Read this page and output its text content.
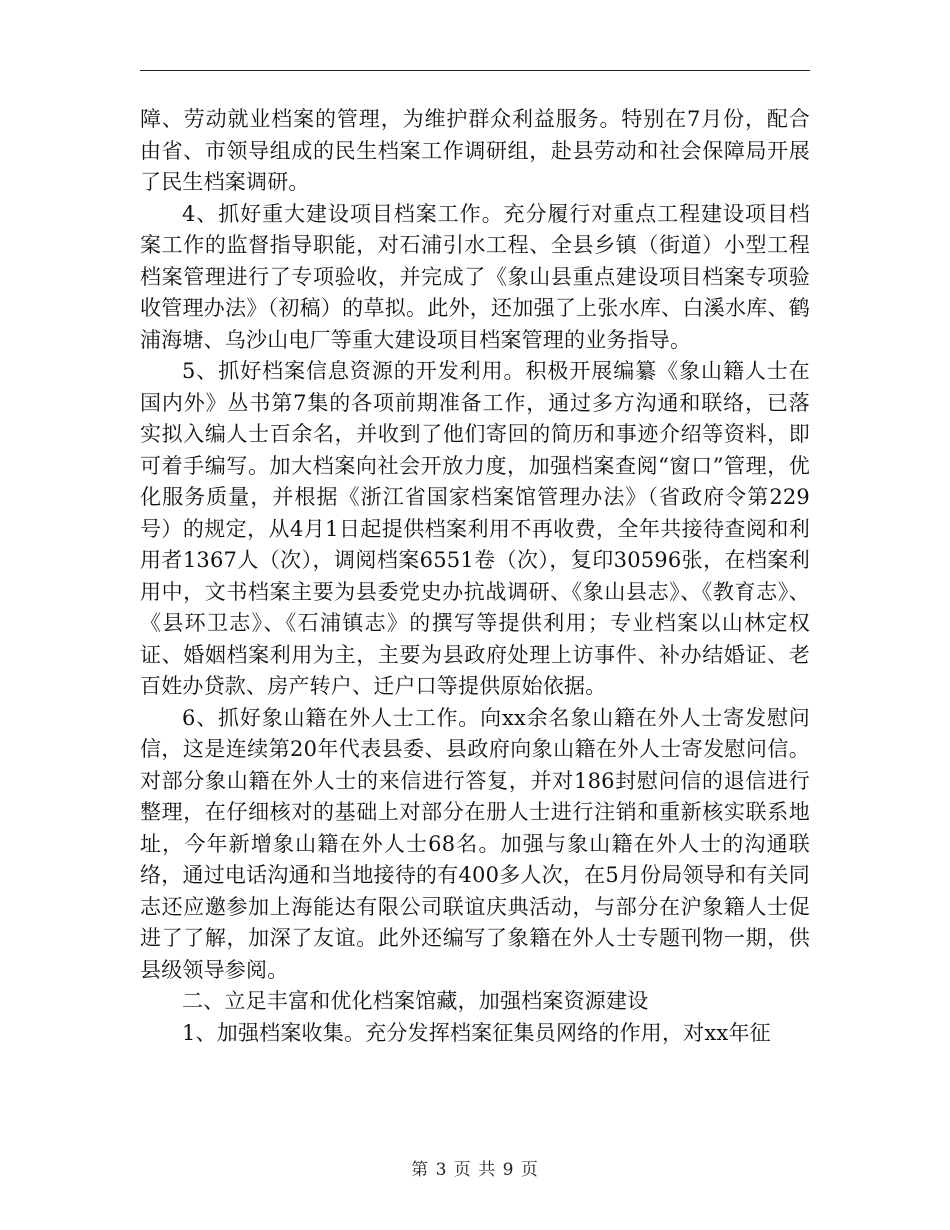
障、劳动就业档案的管理，为维护群众利益服务。特别在7月份，配合由省、市领导组成的民生档案工作调研组，赴县劳动和社会保障局开展了民生档案调研。

4、抓好重大建设项目档案工作。充分履行对重点工程建设项目档案工作的监督指导职能，对石浦引水工程、全县乡镇（街道）小型工程档案管理进行了专项验收，并完成了《象山县重点建设项目档案专项验收管理办法》（初稿）的草拟。此外，还加强了上张水库、白溪水库、鹤浦海塘、乌沙山电厂等重大建设项目档案管理的业务指导。

5、抓好档案信息资源的开发利用。积极开展编纂《象山籍人士在国内外》丛书第7集的各项前期准备工作，通过多方沟通和联络，已落实拟入编人士百余名，并收到了他们寄回的简历和事迹介绍等资料，即可着手编写。加大档案向社会开放力度，加强档案查阅“窗口”管理，优化服务质量，并根据《浙江省国家档案馆管理办法》（省政府令第229号）的规定，从4月1日起提供档案利用不再收费，全年共接待查阅和利用者1367人（次），调阅档案6551卷（次），复印30596张，在档案利用中，文书档案主要为县委党史办抗战调研、《象山县志》、《教育志》、《县环卫志》、《石浦镇志》的撰写等提供利用；专业档案以山林定权证、婚姻档案利用为主，主要为县政府处理上访事件、补办结婚证、老百姓办贷款、房产转户、迁户口等提供原始依据。

6、抓好象山籍在外人士工作。向xx余名象山籍在外人士寄发慰问信，这是连续第20年代表县委、县政府向象山籍在外人士寄发慰问信。对部分象山籍在外人士的来信进行答复，并对186封慰问信的退信进行整理，在仔细核对的基础上对部分在册人士进行注销和重新核实联系地址，今年新增象山籍在外人士68名。加强与象山籍在外人士的沟通联络，通过电话沟通和当地接待的有400多人次，在5月份局领导和有关同志还应邀参加上海能达有限公司联谊庆典活动，与部分在沪象籍人士促进了了解，加深了友谊。此外还编写了象籍在外人士专题刊物一期，供县级领导参阅。

二、立足丰富和优化档案馆藏，加强档案资源建设

1、加强档案收集。充分发挥档案征集员网络的作用，对xx年征

第 3 页 共 9 页
